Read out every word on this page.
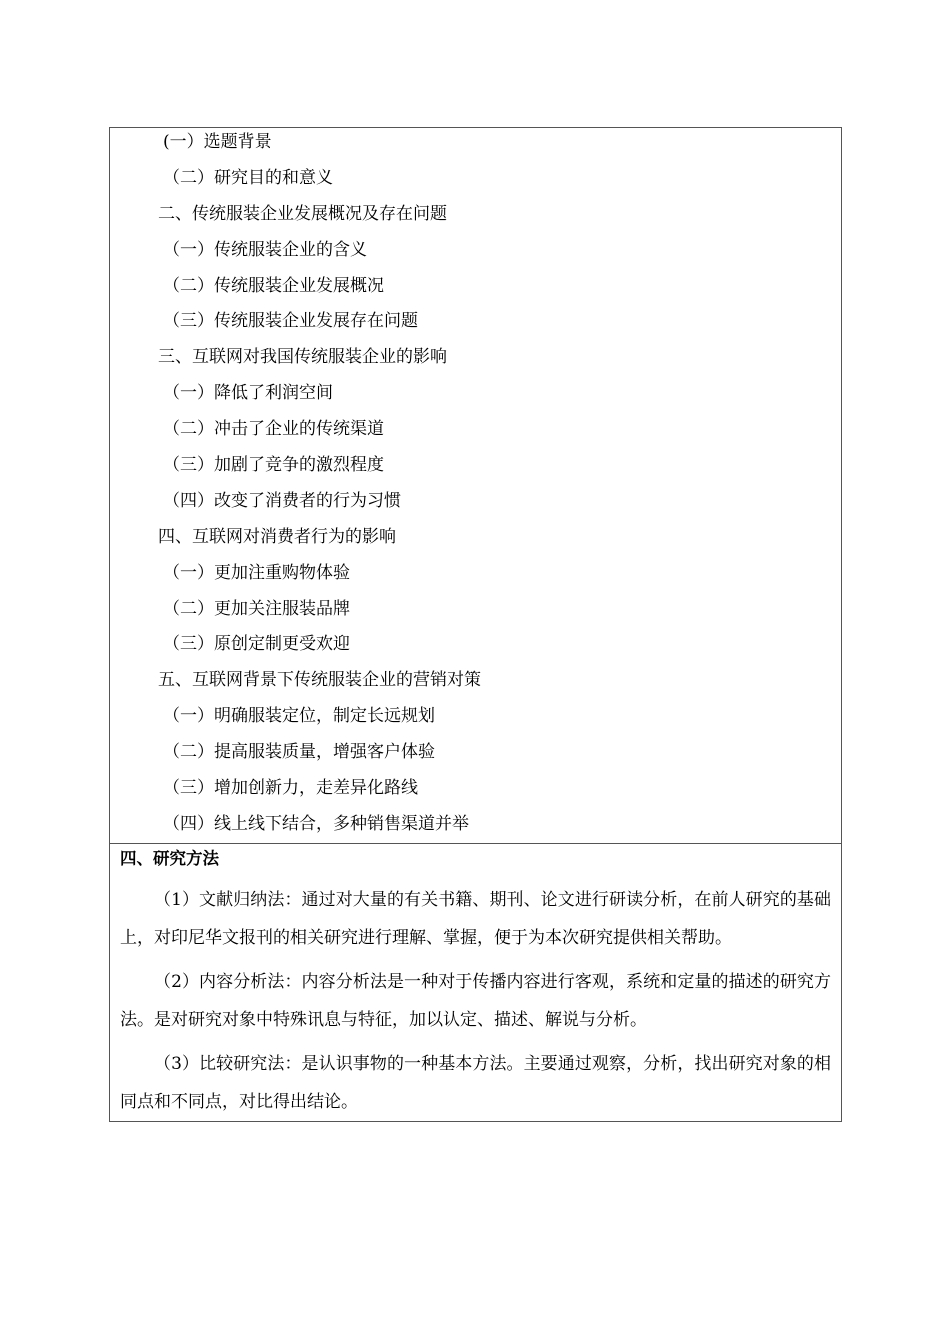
(一）选题背景
（二）研究目的和意义
二、传统服装企业发展概况及存在问题
（一）传统服装企业的含义
（二）传统服装企业发展概况
（三）传统服装企业发展存在问题
三、互联网对我国传统服装企业的影响
（一）降低了利润空间
（二）冲击了企业的传统渠道
（三）加剧了竞争的激烈程度
（四）改变了消费者的行为习惯
四、互联网对消费者行为的影响
（一）更加注重购物体验
（二）更加关注服装品牌
（三）原创定制更受欢迎
五、互联网背景下传统服装企业的营销对策
（一）明确服装定位，制定长远规划
（二）提高服装质量，增强客户体验
（三）增加创新力，走差异化路线
（四）线上线下结合，多种销售渠道并举
四、研究方法

（1）文献归纳法：通过对大量的有关书籍、期刊、论文进行研读分析，在前人研究的基础上，对印尼华文报刊的相关研究进行理解、掌握，便于为本次研究提供相关帮助。

（2）内容分析法：内容分析法是一种对于传播内容进行客观，系统和定量的描述的研究方法。是对研究对象中特殊讯息与特征，加以认定、描述、解说与分析。

（3）比较研究法：是认识事物的一种基本方法。主要通过观察，分析，找出研究对象的相同点和不同点，对比得出结论。
